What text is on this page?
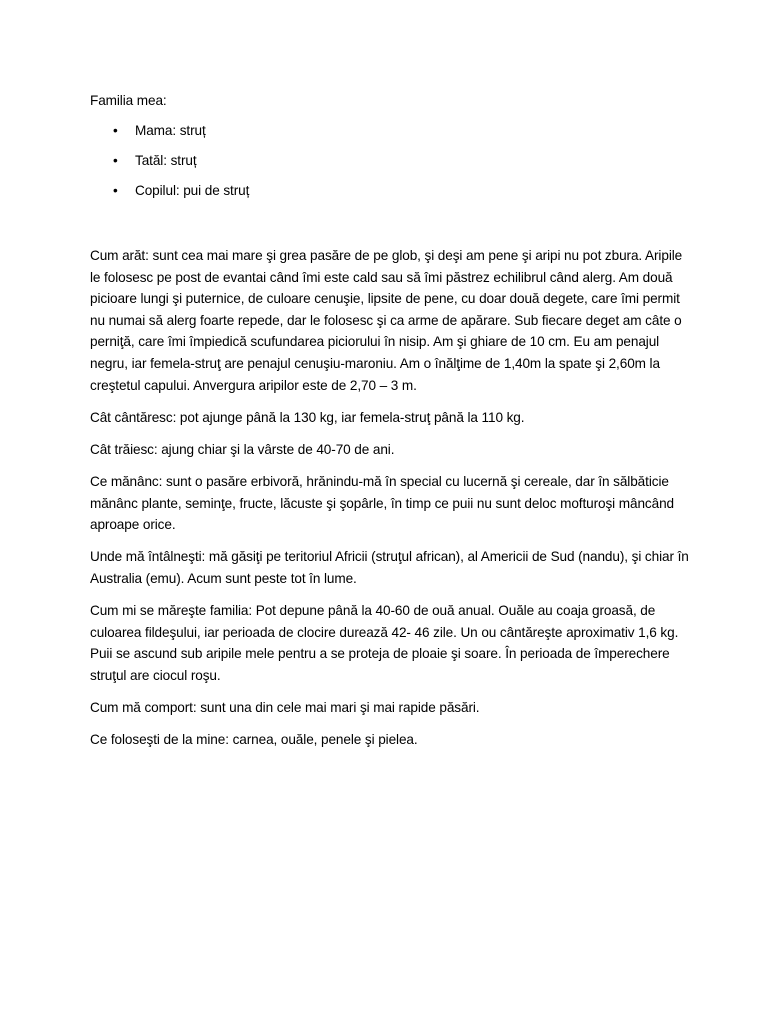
Familia mea:

• Mama: struț
• Tatăl: struț
• Copilul: pui de struț

Cum arăt: sunt cea mai mare şi grea pasăre de pe glob, şi deşi am pene şi aripi nu pot zbura. Aripile le folosesc pe post de evantai când îmi este cald sau să îmi păstrez echilibrul când alerg. Am două picioare lungi şi puternice, de culoare cenuşie, lipsite de pene, cu doar două degete, care îmi permit nu numai să alerg foarte repede, dar le folosesc şi ca arme de apărare. Sub fiecare deget am câte o perniţă, care îmi împiedică scufundarea piciorului în nisip. Am şi ghiare de 10 cm. Eu am penajul negru, iar femela-struţ are penajul cenuşiu-maroniu. Am o înălţime de 1,40m la spate şi 2,60m la creştetul capului. Anvergura aripilor este de 2,70 – 3 m.

Cât cântăresc: pot ajunge până la 130 kg, iar femela-struţ până la 110 kg.

Cât trăiesc: ajung chiar şi la vârste de 40-70 de ani.

Ce mănânc: sunt o pasăre erbivoră, hrănindu-mă în special cu lucernă şi cereale, dar în sălbăticie mănânc plante, seminţe, fructe, lăcuste şi şopârle, în timp ce puii nu sunt deloc mofturoşi mâncând aproape orice.

Unde mă întâlneşti: mă găsiţi pe teritoriul Africii (struţul african), al Americii de Sud (nandu), şi chiar în Australia (emu). Acum sunt peste tot în lume.

Cum mi se măreşte familia: Pot depune până la 40-60 de ouă anual. Ouăle au coaja groasă, de culoarea fildeşului, iar perioada de clocire durează 42- 46 zile. Un ou cântăreşte aproximativ 1,6 kg. Puii se ascund sub aripile mele pentru a se proteja de ploaie şi soare. În perioada de împerechere struţul are ciocul roşu.

Cum mă comport: sunt una din cele mai mari şi mai rapide păsări.

Ce foloseşti de la mine: carnea, ouăle, penele şi pielea.
